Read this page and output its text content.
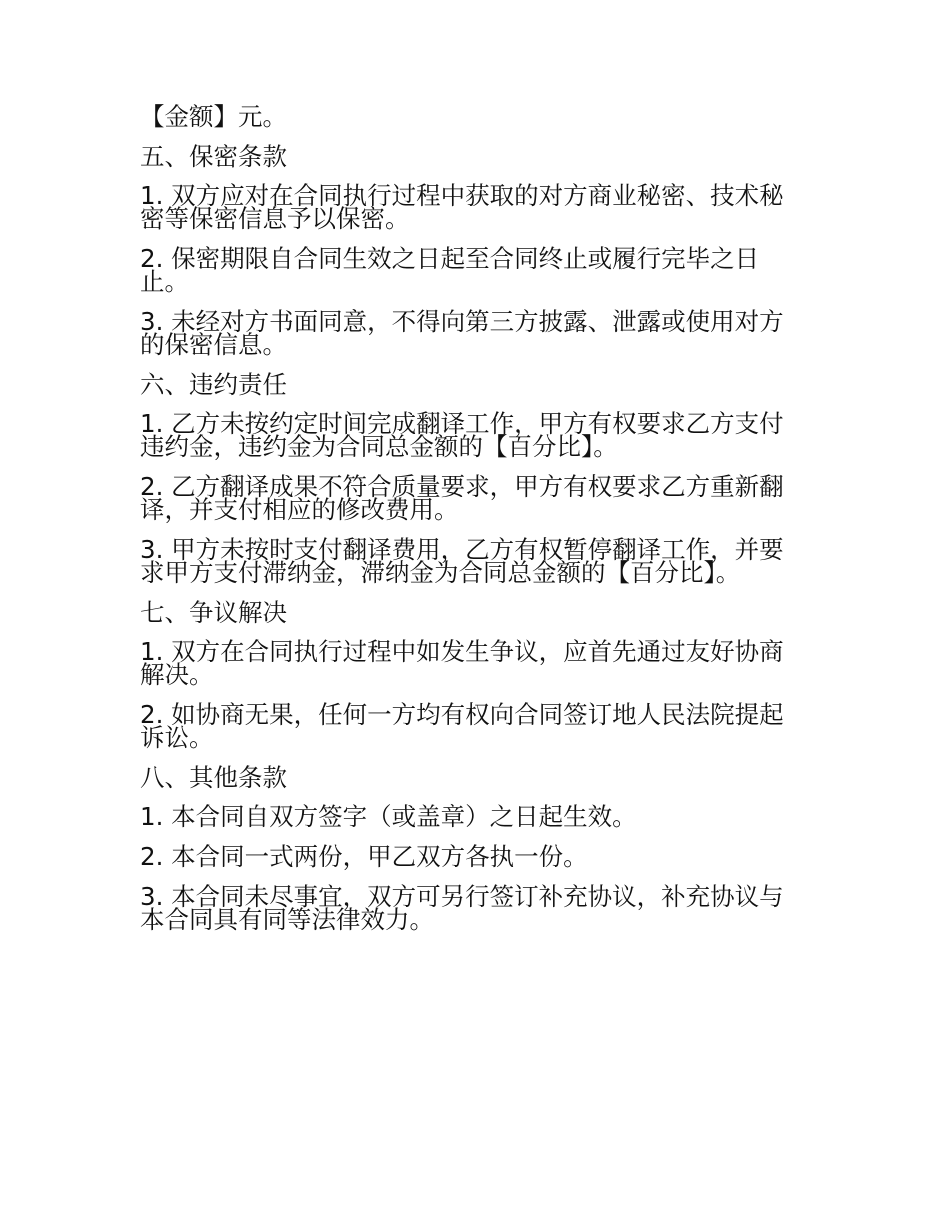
【金额】元。

五、保密条款

1. 双方应对在合同执行过程中获取的对方商业秘密、技术秘密等保密信息予以保密。

2. 保密期限自合同生效之日起至合同终止或履行完毕之日止。

3. 未经对方书面同意，不得向第三方披露、泄露或使用对方的保密信息。

六、违约责任

1. 乙方未按约定时间完成翻译工作，甲方有权要求乙方支付违约金，违约金为合同总金额的【百分比】。

2. 乙方翻译成果不符合质量要求，甲方有权要求乙方重新翻译，并支付相应的修改费用。

3. 甲方未按时支付翻译费用，乙方有权暂停翻译工作，并要求甲方支付滞纳金，滞纳金为合同总金额的【百分比】。

七、争议解决

1. 双方在合同执行过程中如发生争议，应首先通过友好协商解决。

2. 如协商无果，任何一方均有权向合同签订地人民法院提起诉讼。

八、其他条款

1. 本合同自双方签字（或盖章）之日起生效。

2. 本合同一式两份，甲乙双方各执一份。

3. 本合同未尽事宜，双方可另行签订补充协议，补充协议与本合同具有同等法律效力。
